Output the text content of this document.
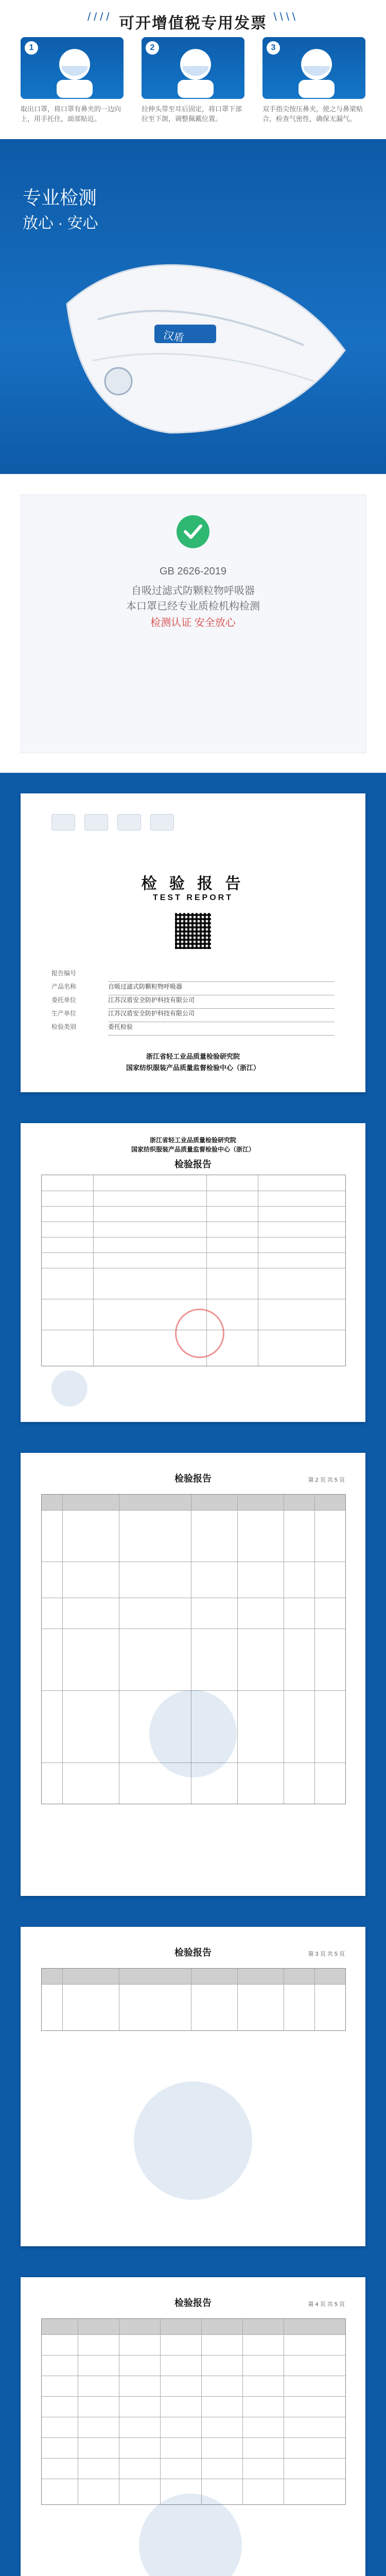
//// 可开增值税专用发票 \\\\
1
取出口罩，将口罩有鼻夹的一边向上，用手托住，面部贴近。
2
拉伸头带至耳后固定，将口罩下部拉至下颌，调整佩戴位置。
3
双手指尖按压鼻夹，使之与鼻梁贴合，检查气密性，确保无漏气。
专业检测
放心 · 安心
汉盾
GB 2626-2019
自吸过滤式防颗粒物呼吸器
本口罩已经专业质检机构检测
检测认证 安全放心
检 验 报 告
TEST REPORT
报告编号
产品名称	自吸过滤式防颗粒物呼吸器
委托单位	江苏汉盾安全防护科技有限公司
生产单位	江苏汉盾安全防护科技有限公司
检验类别	委托检验
浙江省轻工业品质量检验研究院
国家纺织服装产品质量监督检验中心（浙江）
浙江省轻工业品质量检验研究院
国家纺织服装产品质量监督检验中心（浙江）
检验报告
检验报告	第 2 页 共 5 页
检验报告	第 3 页 共 5 页
检验报告	第 4 页 共 5 页
